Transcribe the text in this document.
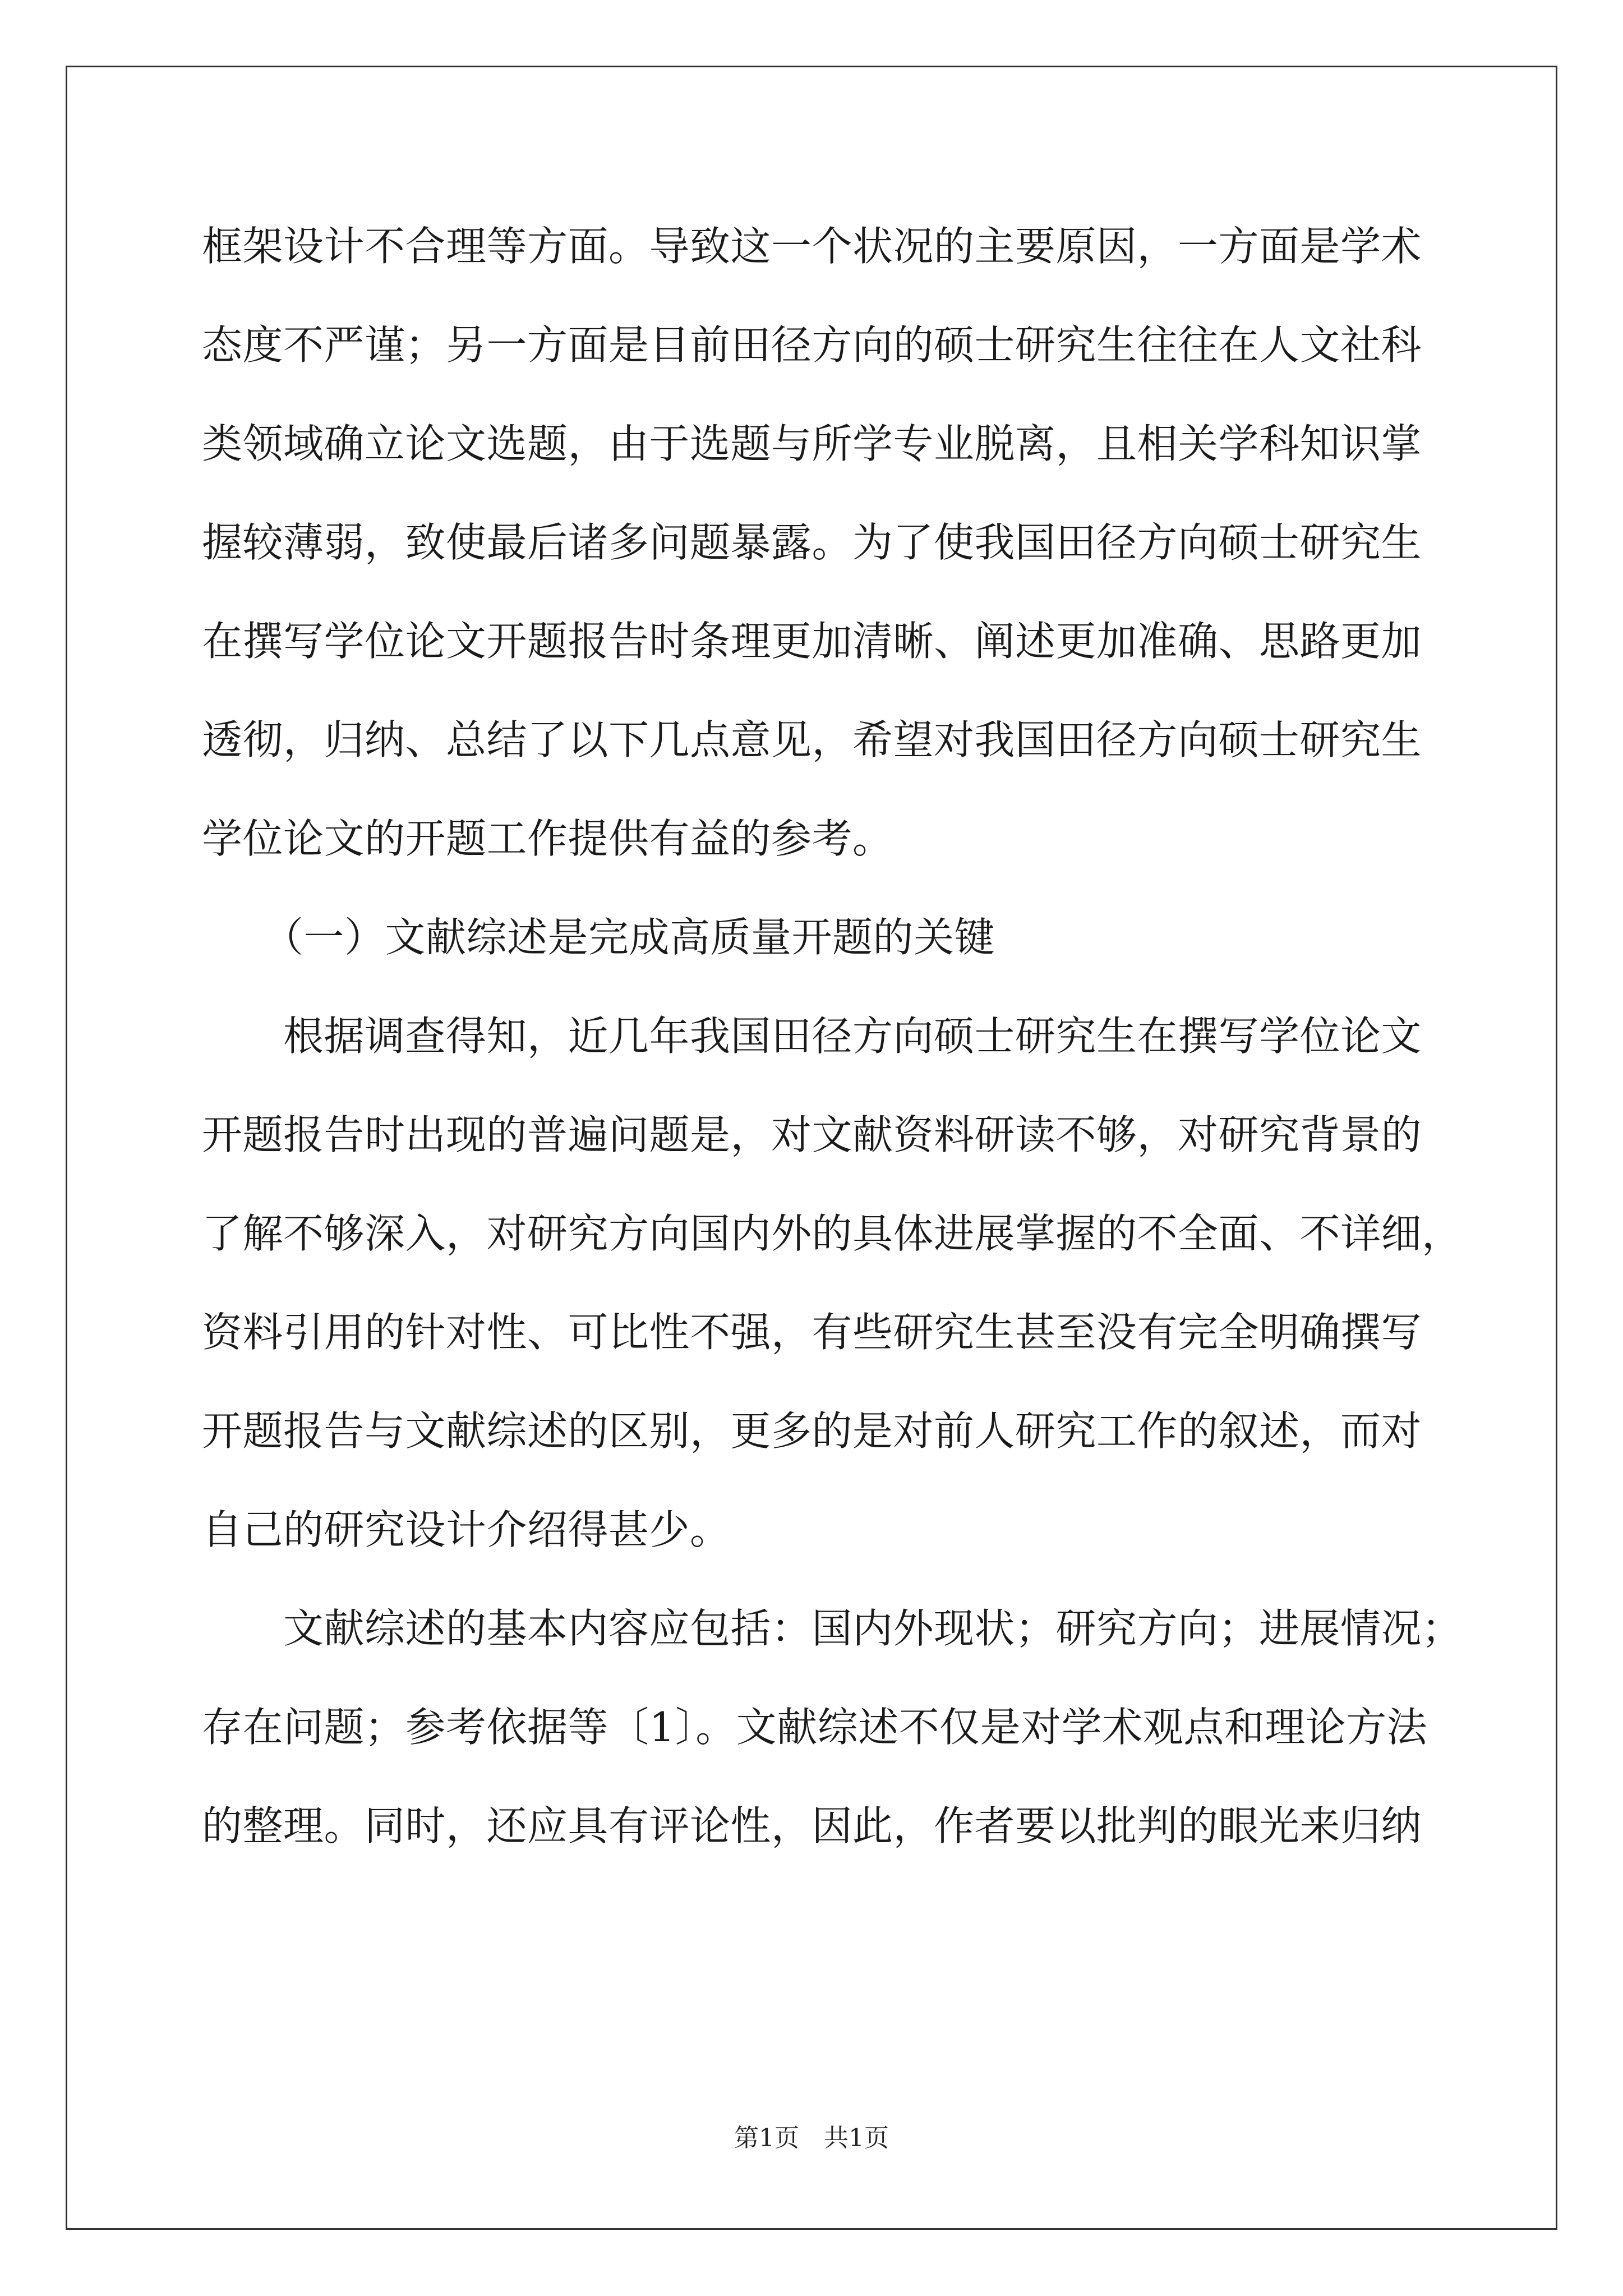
框架设计不合理等方面。导致这一个状况的主要原因，一方面是学术
态度不严谨；另一方面是目前田径方向的硕士研究生往往在人文社科
类领域确立论文选题，由于选题与所学专业脱离，且相关学科知识掌
握较薄弱，致使最后诸多问题暴露。为了使我国田径方向硕士研究生
在撰写学位论文开题报告时条理更加清晰、阐述更加准确、思路更加
透彻，归纳、总结了以下几点意见，希望对我国田径方向硕士研究生
学位论文的开题工作提供有益的参考。
　　（一）文献综述是完成高质量开题的关键
　　根据调查得知，近几年我国田径方向硕士研究生在撰写学位论文
开题报告时出现的普遍问题是，对文献资料研读不够，对研究背景的
了解不够深入，对研究方向国内外的具体进展掌握的不全面、不详细，
资料引用的针对性、可比性不强，有些研究生甚至没有完全明确撰写
开题报告与文献综述的区别，更多的是对前人研究工作的叙述，而对
自己的研究设计介绍得甚少。
　　文献综述的基本内容应包括：国内外现状；研究方向；进展情况；
存在问题；参考依据等〔1〕。文献综述不仅是对学术观点和理论方法
的整理。同时，还应具有评论性，因此，作者要以批判的眼光来归纳
第1页　共1页
